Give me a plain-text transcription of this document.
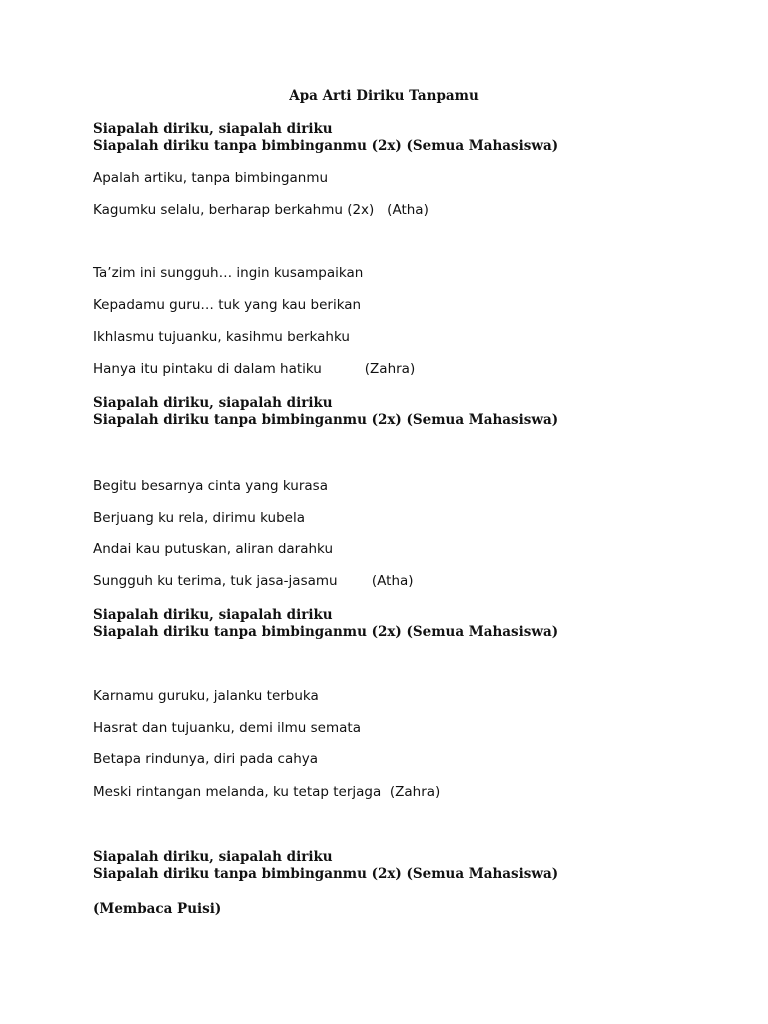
Apa Arti Diriku Tanpamu
Siapalah diriku, siapalah diriku
Siapalah diriku tanpa bimbinganmu (2x) (Semua Mahasiswa)
Apalah artiku, tanpa bimbinganmu
Kagumku selalu, berharap berkahmu (2x)   (Atha)
Ta’zim ini sungguh… ingin kusampaikan
Kepadamu guru… tuk yang kau berikan
Ikhlasmu tujuanku, kasihmu berkahku
Hanya itu pintaku di dalam hatiku          (Zahra)
Siapalah diriku, siapalah diriku
Siapalah diriku tanpa bimbinganmu (2x) (Semua Mahasiswa)
Begitu besarnya cinta yang kurasa
Berjuang ku rela, dirimu kubela
Andai kau putuskan, aliran darahku
Sungguh ku terima, tuk jasa-jasamu        (Atha)
Siapalah diriku, siapalah diriku
Siapalah diriku tanpa bimbinganmu (2x) (Semua Mahasiswa)
Karnamu guruku, jalanku terbuka
Hasrat dan tujuanku, demi ilmu semata
Betapa rindunya, diri pada cahya
Meski rintangan melanda, ku tetap terjaga  (Zahra)
Siapalah diriku, siapalah diriku
Siapalah diriku tanpa bimbinganmu (2x) (Semua Mahasiswa)
(Membaca Puisi)
